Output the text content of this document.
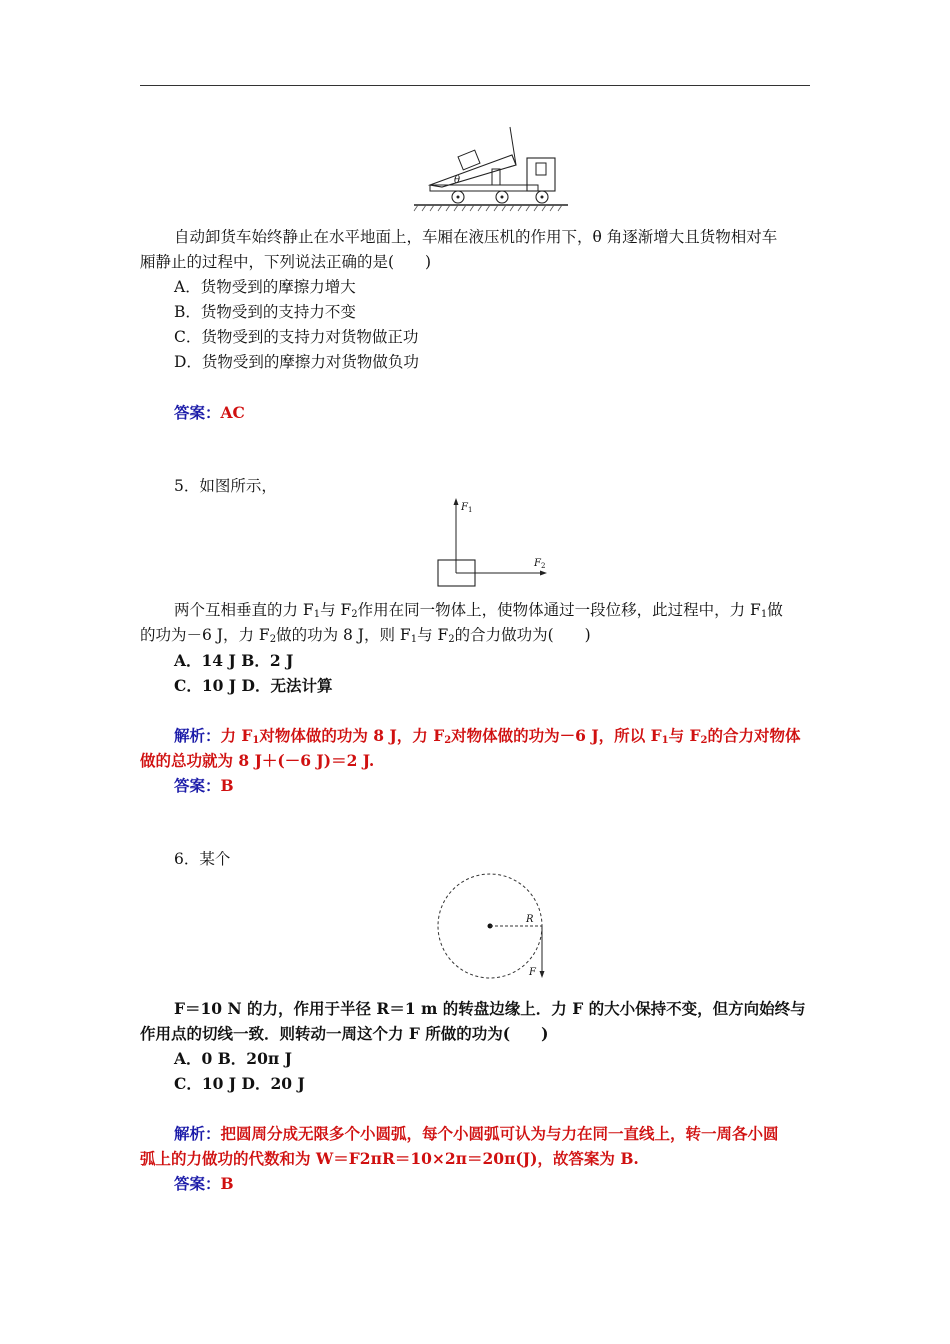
θ
自动卸货车始终静止在水平地面上，车厢在液压机的作用下，θ 角逐渐增大且货物相对车
厢静止的过程中，下列说法正确的是(　　)
A．货物受到的摩擦力增大
B．货物受到的支持力不变
C．货物受到的支持力对货物做正功
D．货物受到的摩擦力对货物做负功
答案：AC
5．如图所示，
$F_1$
$F_2$
两个互相垂直的力 $F_1$与 $F_2$作用在同一物体上，使物体通过一段位移，此过程中，力 $F_1$做
的功为－6 J，力 $F_2$做的功为 8 J，则 $F_1$与 $F_2$的合力做功为(　　)
A．14 J B．2 J
C．10 J D．无法计算
解析：力 $F_1$对物体做的功为 8 J，力 $F_2$对物体做的功为－6 J，所以 $F_1$与 $F_2$的合力对物体
做的总功就为 8 J＋(－6 J)＝2 J.
答案：B
6．某个
R
F
F＝10 N 的力，作用于半径 R＝1 m 的转盘边缘上．力 F 的大小保持不变，但方向始终与
作用点的切线一致．则转动一周这个力 F 所做的功为(　　)
A．0 B．20π J
C．10 J D．20 J
解析：把圆周分成无限多个小圆弧，每个小圆弧可认为与力在同一直线上，转一周各小圆
弧上的力做功的代数和为 W＝F2πR＝10×2π＝20π(J)，故答案为 B.
答案：B
